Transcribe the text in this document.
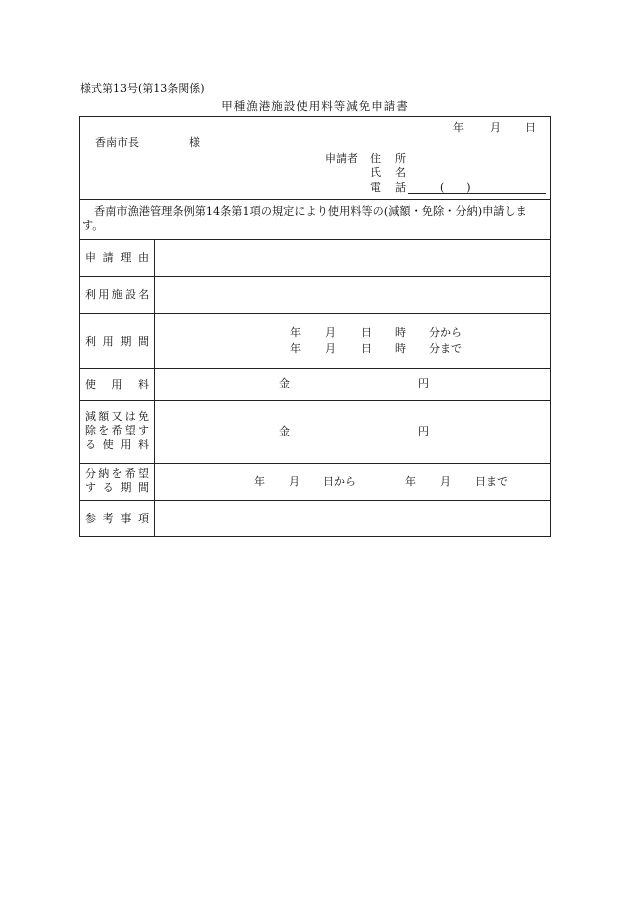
様式第13号(第13条関係)
甲種漁港施設使用料等減免申請書
年 月 日
香南市長	様
申請者 住 所
氏 名
電 話	(　　)
香南市漁港管理条例第14条第1項の規定により使用料等の(減額・免除・分納)申請しま
す。
申請理由
利用施設名
利用期間
年 月 日 時 分から
年 月 日 時 分まで
使用料	金	円
減額又は免
除を希望す
る使用料
金	円
分納を希望
する期間	年 月 日から	年 月 日まで
参考事項
